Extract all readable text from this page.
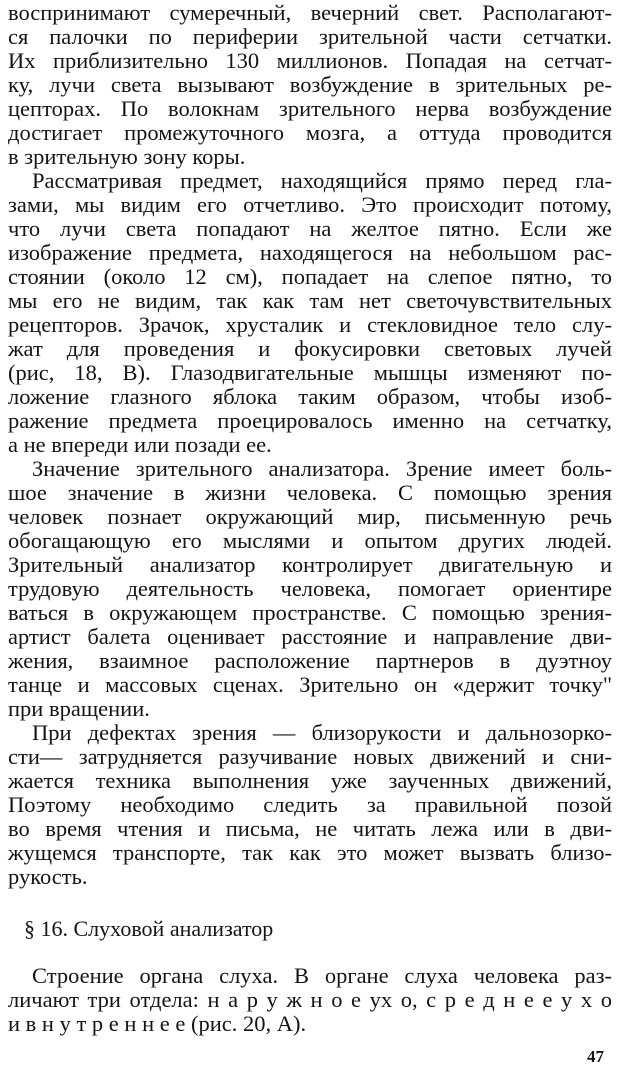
воспринимают сумеречный, вечерний свет. Располагают-
ся палочки по периферии зрительной части сетчатки.
Их приблизительно 130 миллионов. Попадая на сетчат-
ку, лучи света вызывают возбуждение в зрительных ре-
цепторах. По волокнам зрительного нерва возбуждение
достигает промежуточного мозга, а оттуда проводится
в зрительную зону коры.
Рассматривая предмет, находящийся прямо перед гла-
зами, мы видим его отчетливо. Это происходит потому,
что лучи света попадают на желтое пятно. Если же
изображение предмета, находящегося на небольшом рас-
стоянии (около 12 см), попадает на слепое пятно, то
мы его не видим, так как там нет светочувствительных
рецепторов. Зрачок, хрусталик и стекловидное тело слу-
жат для проведения и фокусировки световых лучей
(рис, 18, В). Глазодвигательные мышцы изменяют по-
ложение глазного яблока таким образом, чтобы изоб-
ражение предмета проецировалось именно на сетчатку,
а не впереди или позади ее.
Значение зрительного анализатора. Зрение имеет боль-
шое значение в жизни человека. С помощью зрения
человек познает окружающий мир, письменную речь
обогащающую его мыслями и опытом других людей.
Зрительный анализатор контролирует двигательную и
трудовую деятельность человека, помогает ориентире
ваться в окружающем пространстве. С помощью зрения-
артист балета оценивает расстояние и направление дви-
жения, взаимное расположение партнеров в дуэтноу
танце и массовых сценах. Зрительно он «держит точку"
при вращении.
При дефектах зрения — близорукости и дальнозорко-
сти— затрудняется разучивание новых движений и сни-
жается техника выполнения уже заученных движений,
Поэтому необходимо следить за правильной позой
во время чтения и письма, не читать лежа или в дви-
жущемся транспорте, так как это может вызвать близо-
рукость.
§ 16. Слуховой анализатор
Строение органа слуха. В органе слуха человека раз-
личают три отдела: н а р у ж н о е ух о, с р е д н е е у х о
и в н у т р е н н е е (рис. 20, А).
47
